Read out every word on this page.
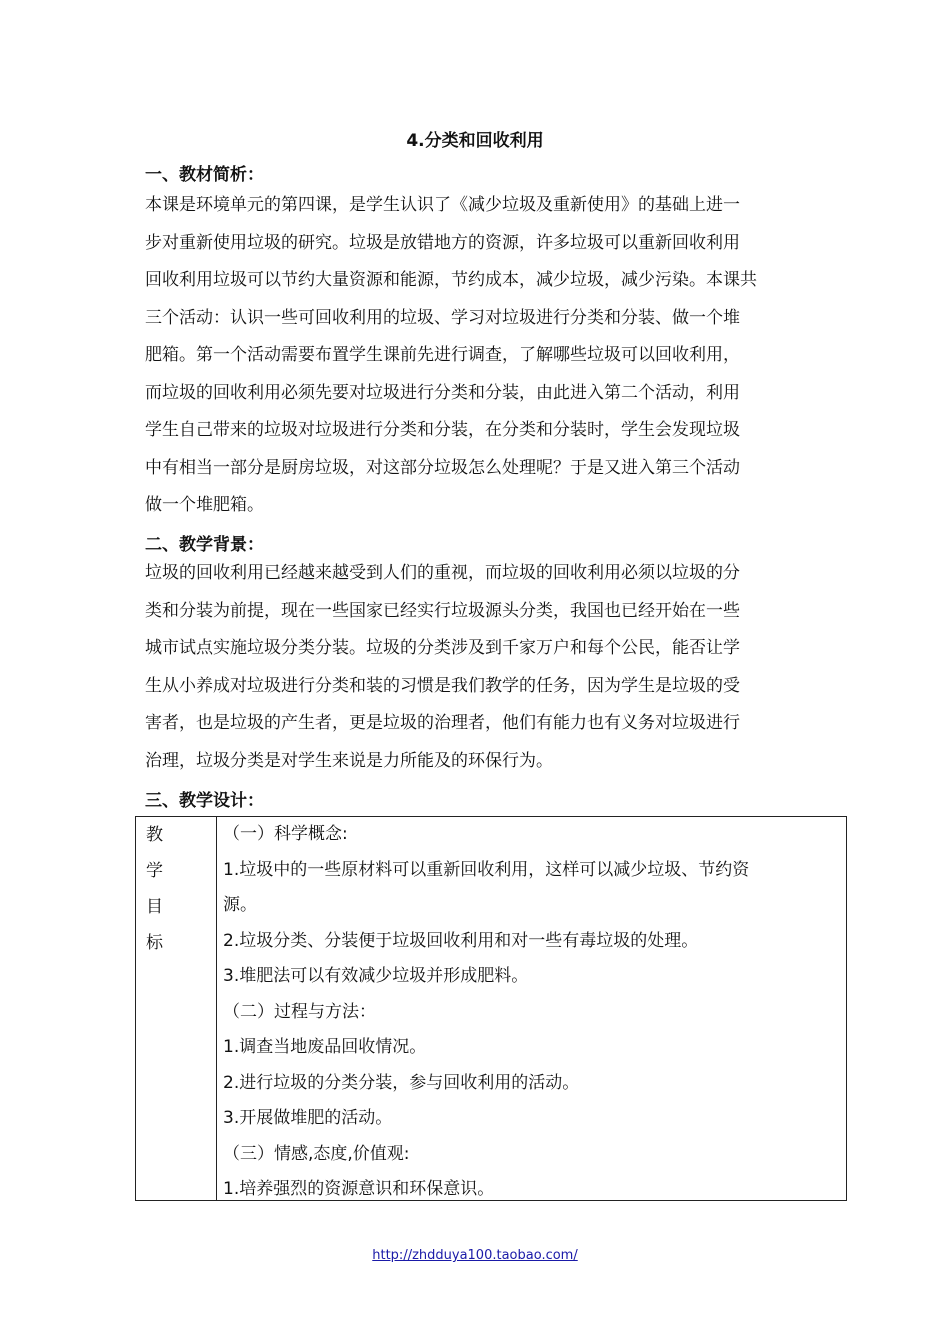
4.分类和回收利用
一、教材简析：
本课是环境单元的第四课，是学生认识了《减少垃圾及重新使用》的基础上进一
步对重新使用垃圾的研究。垃圾是放错地方的资源，许多垃圾可以重新回收利用
回收利用垃圾可以节约大量资源和能源，节约成本，减少垃圾，减少污染。本课共
三个活动：认识一些可回收利用的垃圾、学习对垃圾进行分类和分装、做一个堆
肥箱。第一个活动需要布置学生课前先进行调查，了解哪些垃圾可以回收利用，
而垃圾的回收利用必须先要对垃圾进行分类和分装，由此进入第二个活动，利用
学生自己带来的垃圾对垃圾进行分类和分装，在分类和分装时，学生会发现垃圾
中有相当一部分是厨房垃圾，对这部分垃圾怎么处理呢？于是又进入第三个活动
做一个堆肥箱。
二、教学背景：
垃圾的回收利用已经越来越受到人们的重视，而垃圾的回收利用必须以垃圾的分
类和分装为前提，现在一些国家已经实行垃圾源头分类，我国也已经开始在一些
城市试点实施垃圾分类分装。垃圾的分类涉及到千家万户和每个公民，能否让学
生从小养成对垃圾进行分类和装的习惯是我们教学的任务，因为学生是垃圾的受
害者，也是垃圾的产生者，更是垃圾的治理者，他们有能力也有义务对垃圾进行
治理，垃圾分类是对学生来说是力所能及的环保行为。
三、教学设计：
教
学
目
标
（一）科学概念:
1.垃圾中的一些原材料可以重新回收利用，这样可以减少垃圾、节约资
源。
2.垃圾分类、分装便于垃圾回收利用和对一些有毒垃圾的处理。
3.堆肥法可以有效减少垃圾并形成肥料。
（二）过程与方法：
1.调查当地废品回收情况。
2.进行垃圾的分类分装，参与回收利用的活动。
3.开展做堆肥的活动。
（三）情感,态度,价值观:
1.培养强烈的资源意识和环保意识。
http://zhdduya100.taobao.com/
